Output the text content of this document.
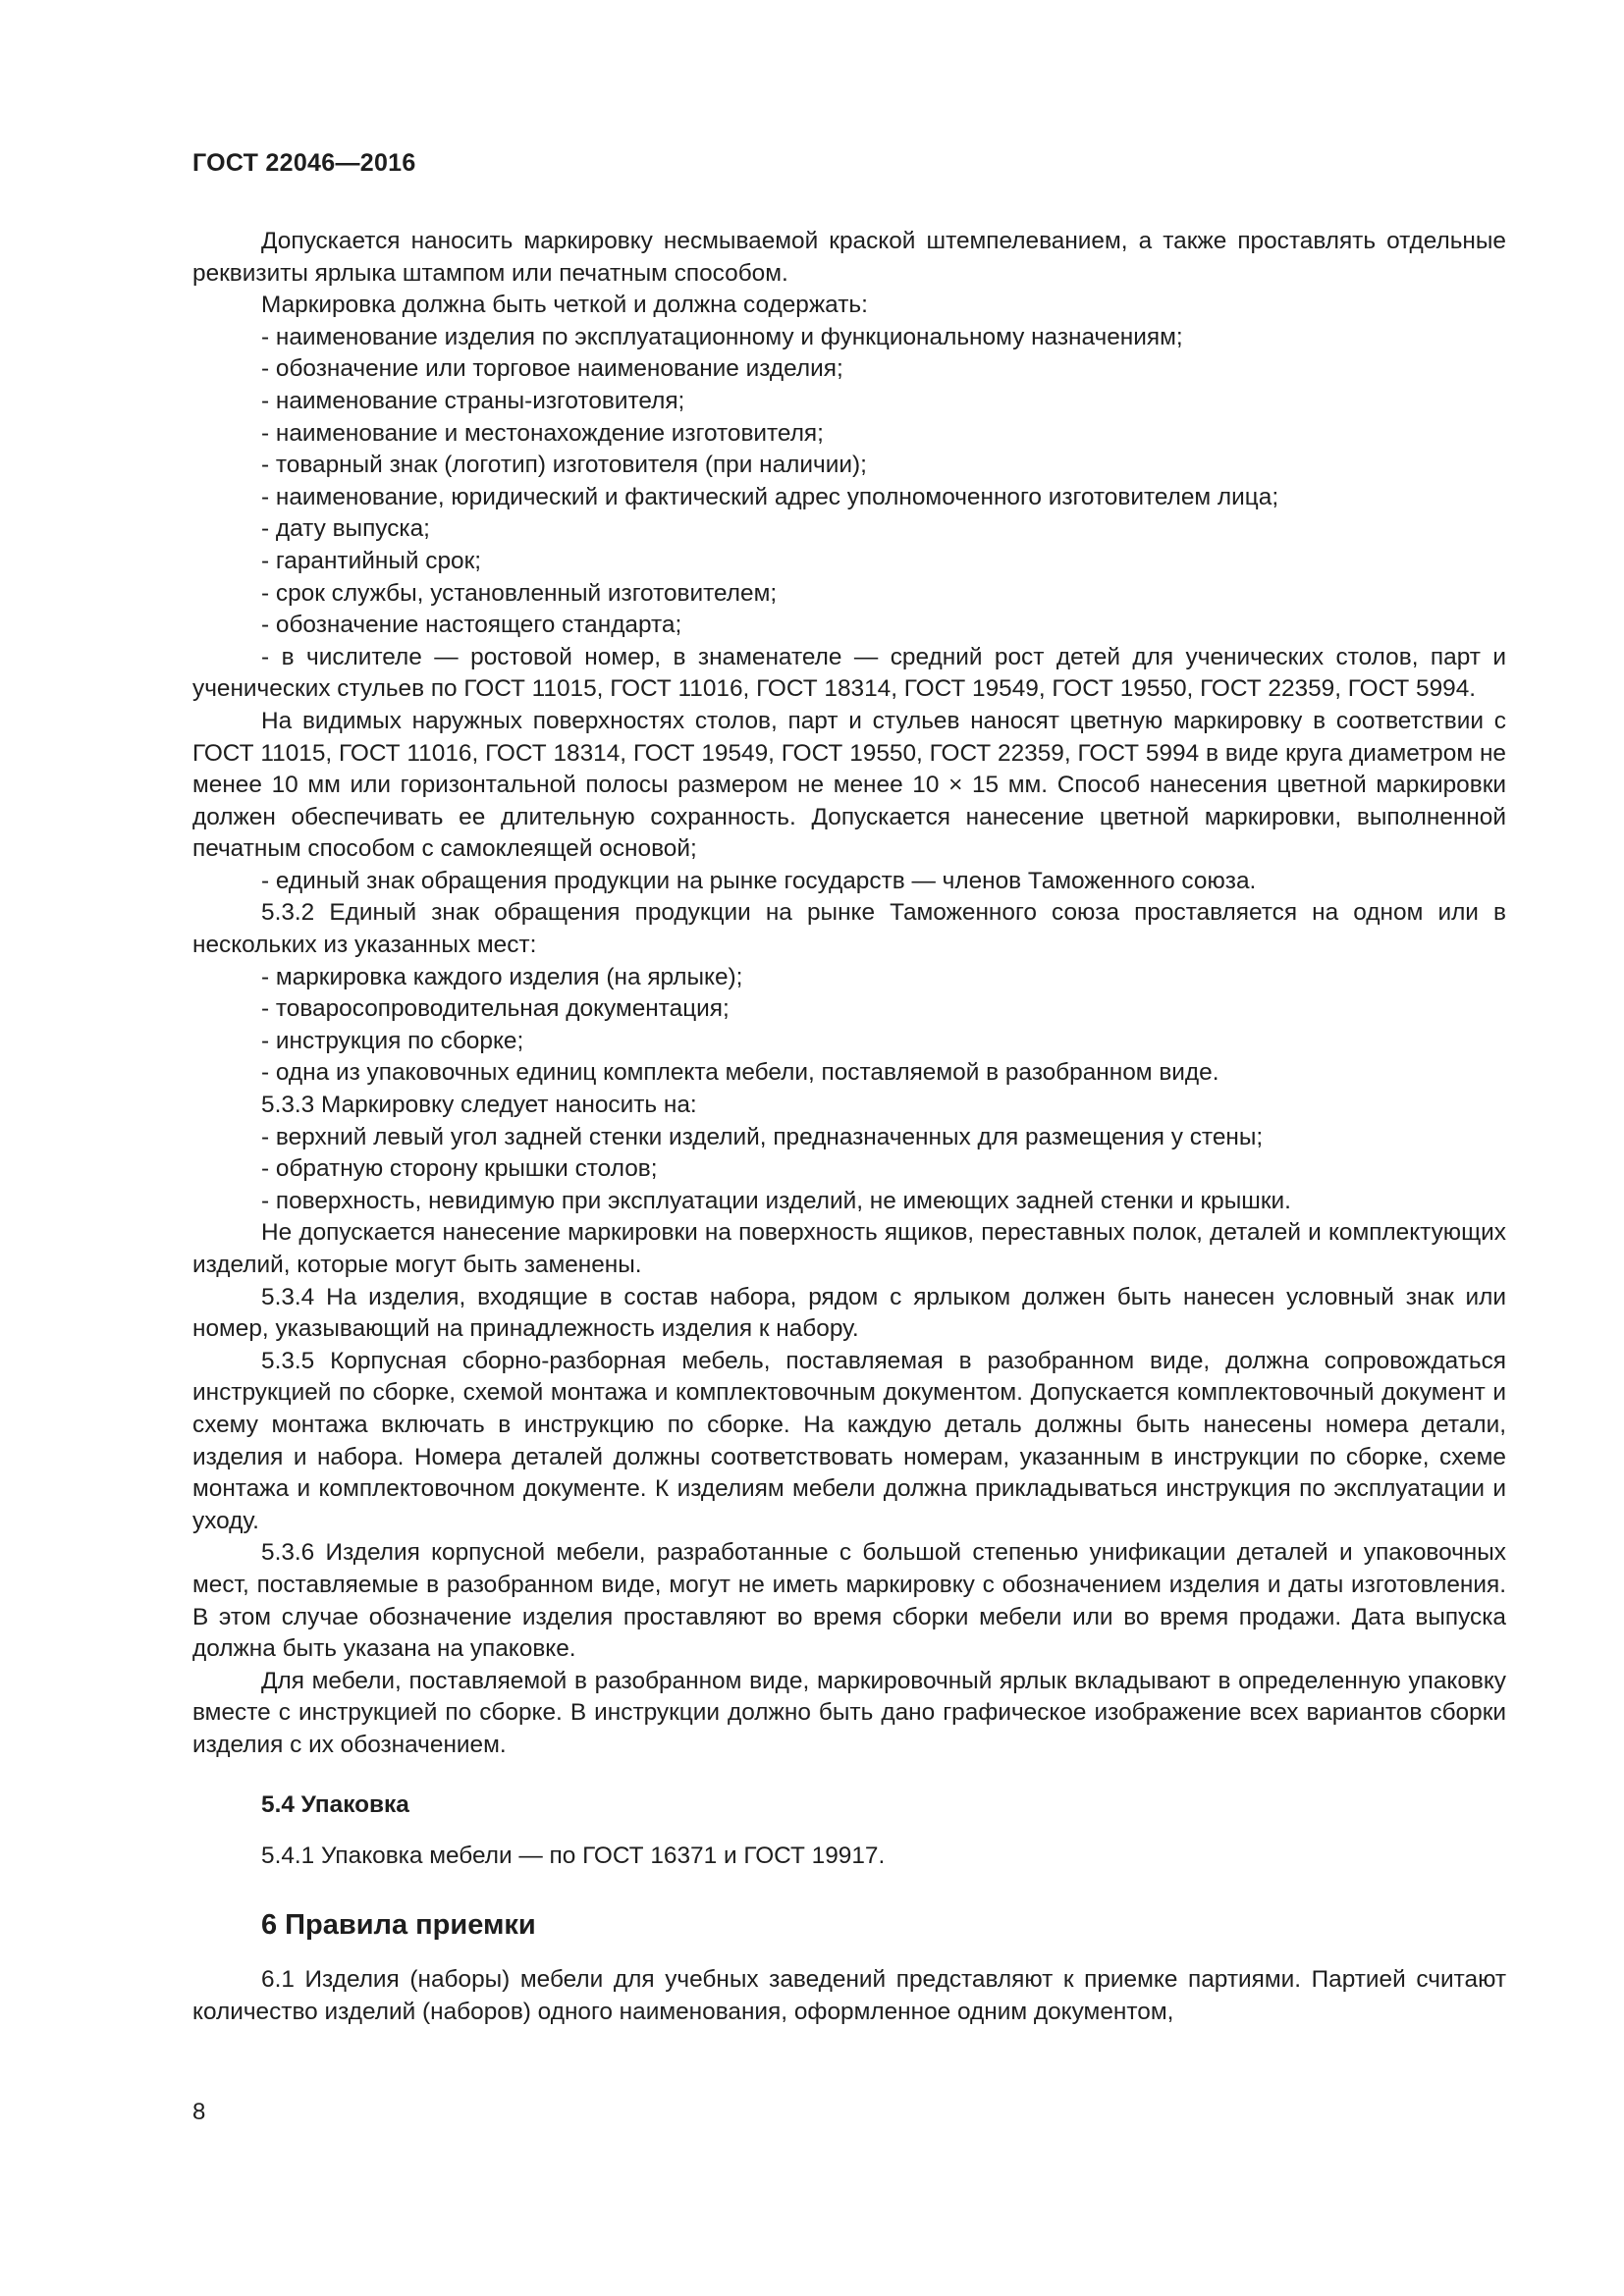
ГОСТ 22046—2016

Допускается наносить маркировку несмываемой краской штемпелеванием, а также проставлять отдельные реквизиты ярлыка штампом или печатным способом.

Маркировка должна быть четкой и должна содержать:

- наименование изделия по эксплуатационному и функциональному назначениям;

- обозначение или торговое наименование изделия;

- наименование страны-изготовителя;

- наименование и местонахождение изготовителя;

- товарный знак (логотип) изготовителя (при наличии);

- наименование, юридический и фактический адрес уполномоченного изготовителем лица;

- дату выпуска;

- гарантийный срок;

- срок службы, установленный изготовителем;

- обозначение настоящего стандарта;

- в числителе — ростовой номер, в знаменателе — средний рост детей для ученических столов, парт и ученических стульев по ГОСТ 11015, ГОСТ 11016, ГОСТ 18314, ГОСТ 19549, ГОСТ 19550, ГОСТ 22359, ГОСТ 5994.

На видимых наружных поверхностях столов, парт и стульев наносят цветную маркировку в соответствии с ГОСТ 11015, ГОСТ 11016, ГОСТ 18314, ГОСТ 19549, ГОСТ 19550, ГОСТ 22359, ГОСТ 5994 в виде круга диаметром не менее 10 мм или горизонтальной полосы размером не менее 10 × 15 мм. Способ нанесения цветной маркировки должен обеспечивать ее длительную сохранность. Допускается нанесение цветной маркировки, выполненной печатным способом с самоклеящей основой;

- единый знак обращения продукции на рынке государств — членов Таможенного союза.

5.3.2 Единый знак обращения продукции на рынке Таможенного союза проставляется на одном или в нескольких из указанных мест:

- маркировка каждого изделия (на ярлыке);

- товаросопроводительная документация;

- инструкция по сборке;

- одна из упаковочных единиц комплекта мебели, поставляемой в разобранном виде.

5.3.3 Маркировку следует наносить на:

- верхний левый угол задней стенки изделий, предназначенных для размещения у стены;

- обратную сторону крышки столов;

- поверхность, невидимую при эксплуатации изделий, не имеющих задней стенки и крышки.

Не допускается нанесение маркировки на поверхность ящиков, переставных полок, деталей и комплектующих изделий, которые могут быть заменены.

5.3.4 На изделия, входящие в состав набора, рядом с ярлыком должен быть нанесен условный знак или номер, указывающий на принадлежность изделия к набору.

5.3.5 Корпусная сборно-разборная мебель, поставляемая в разобранном виде, должна сопровождаться инструкцией по сборке, схемой монтажа и комплектовочным документом. Допускается комплектовочный документ и схему монтажа включать в инструкцию по сборке. На каждую деталь должны быть нанесены номера детали, изделия и набора. Номера деталей должны соответствовать номерам, указанным в инструкции по сборке, схеме монтажа и комплектовочном документе. К изделиям мебели должна прикладываться инструкция по эксплуатации и уходу.

5.3.6 Изделия корпусной мебели, разработанные с большой степенью унификации деталей и упаковочных мест, поставляемые в разобранном виде, могут не иметь маркировку с обозначением изделия и даты изготовления. В этом случае обозначение изделия проставляют во время сборки мебели или во время продажи. Дата выпуска должна быть указана на упаковке.

Для мебели, поставляемой в разобранном виде, маркировочный ярлык вкладывают в определенную упаковку вместе с инструкцией по сборке. В инструкции должно быть дано графическое изображение всех вариантов сборки изделия с их обозначением.

5.4 Упаковка

5.4.1 Упаковка мебели — по ГОСТ 16371 и ГОСТ 19917.

6 Правила приемки

6.1 Изделия (наборы) мебели для учебных заведений представляют к приемке партиями. Партией считают количество изделий (наборов) одного наименования, оформленное одним документом,

8
